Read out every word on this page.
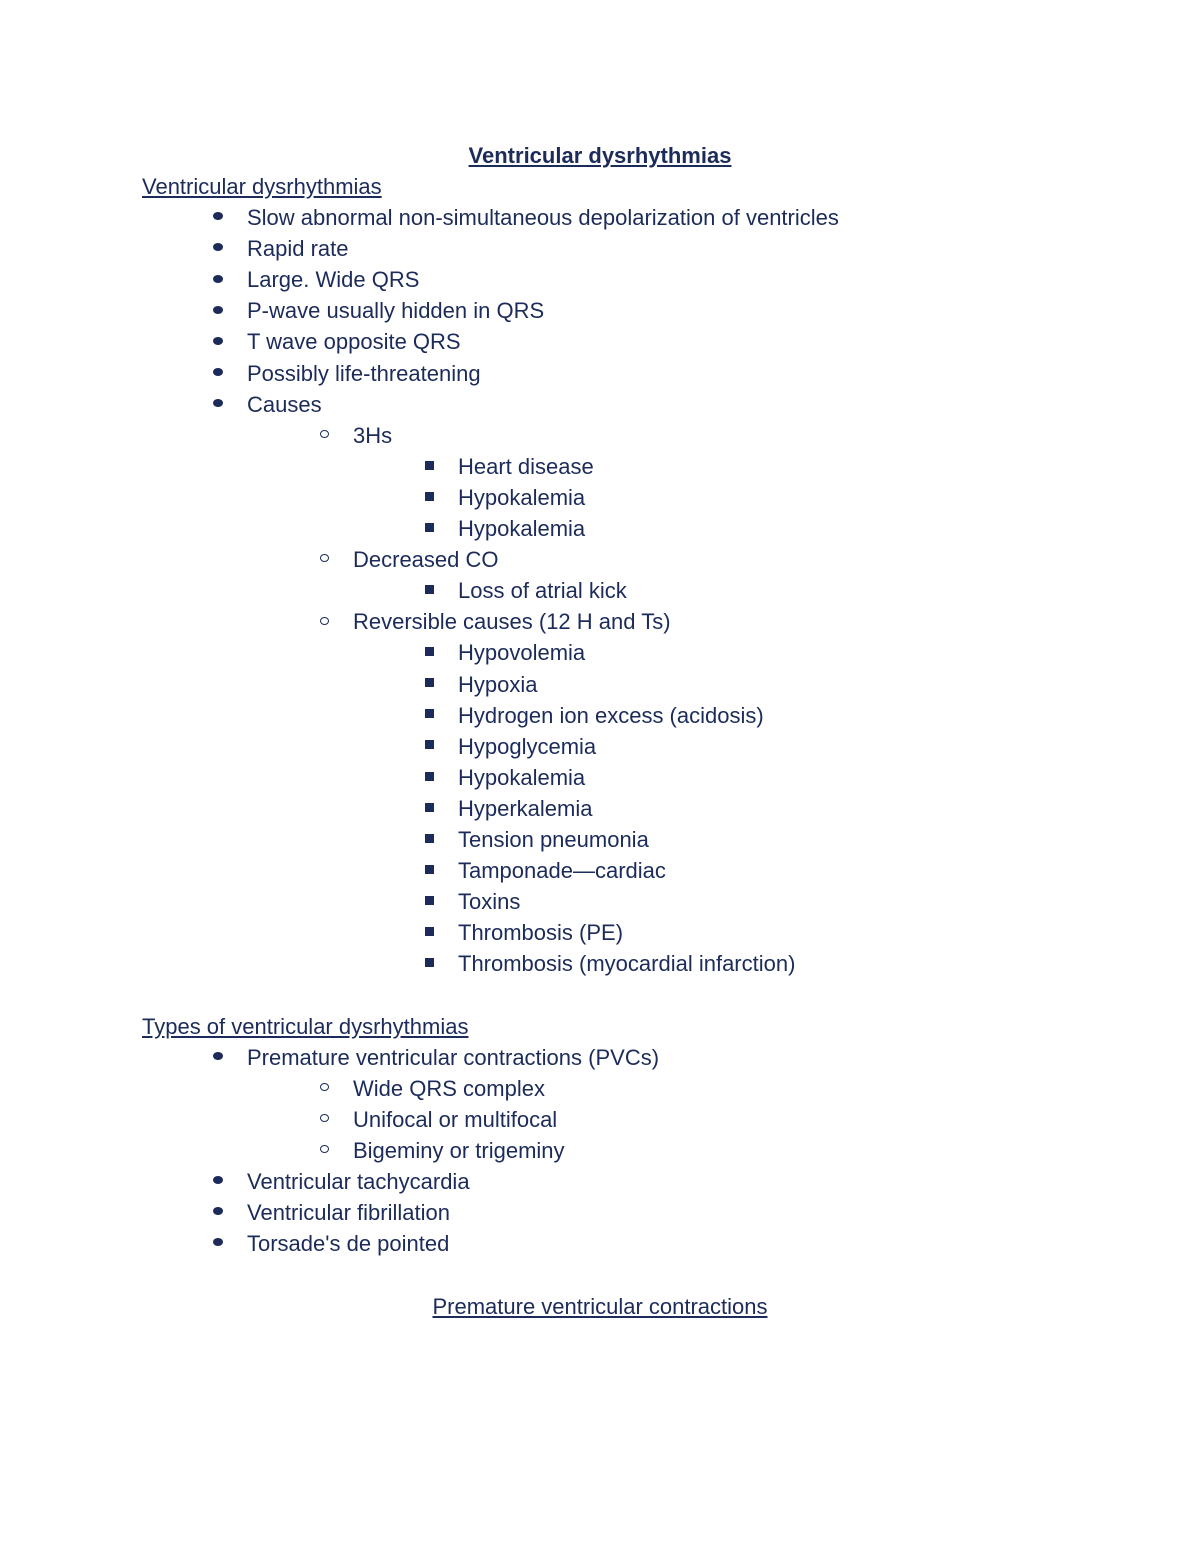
Ventricular dysrhythmias
Ventricular dysrhythmias
Slow abnormal non-simultaneous depolarization of ventricles
Rapid rate
Large. Wide QRS
P-wave usually hidden in QRS
T wave opposite QRS
Possibly life-threatening
Causes
3Hs
Heart disease
Hypokalemia
Hypokalemia
Decreased CO
Loss of atrial kick
Reversible causes (12 H and Ts)
Hypovolemia
Hypoxia
Hydrogen ion excess (acidosis)
Hypoglycemia
Hypokalemia
Hyperkalemia
Tension pneumonia
Tamponade—cardiac
Toxins
Thrombosis (PE)
Thrombosis (myocardial infarction)
Types of ventricular dysrhythmias
Premature ventricular contractions (PVCs)
Wide QRS complex
Unifocal or multifocal
Bigeminy or trigeminy
Ventricular tachycardia
Ventricular fibrillation
Torsade's de pointed
Premature ventricular contractions
